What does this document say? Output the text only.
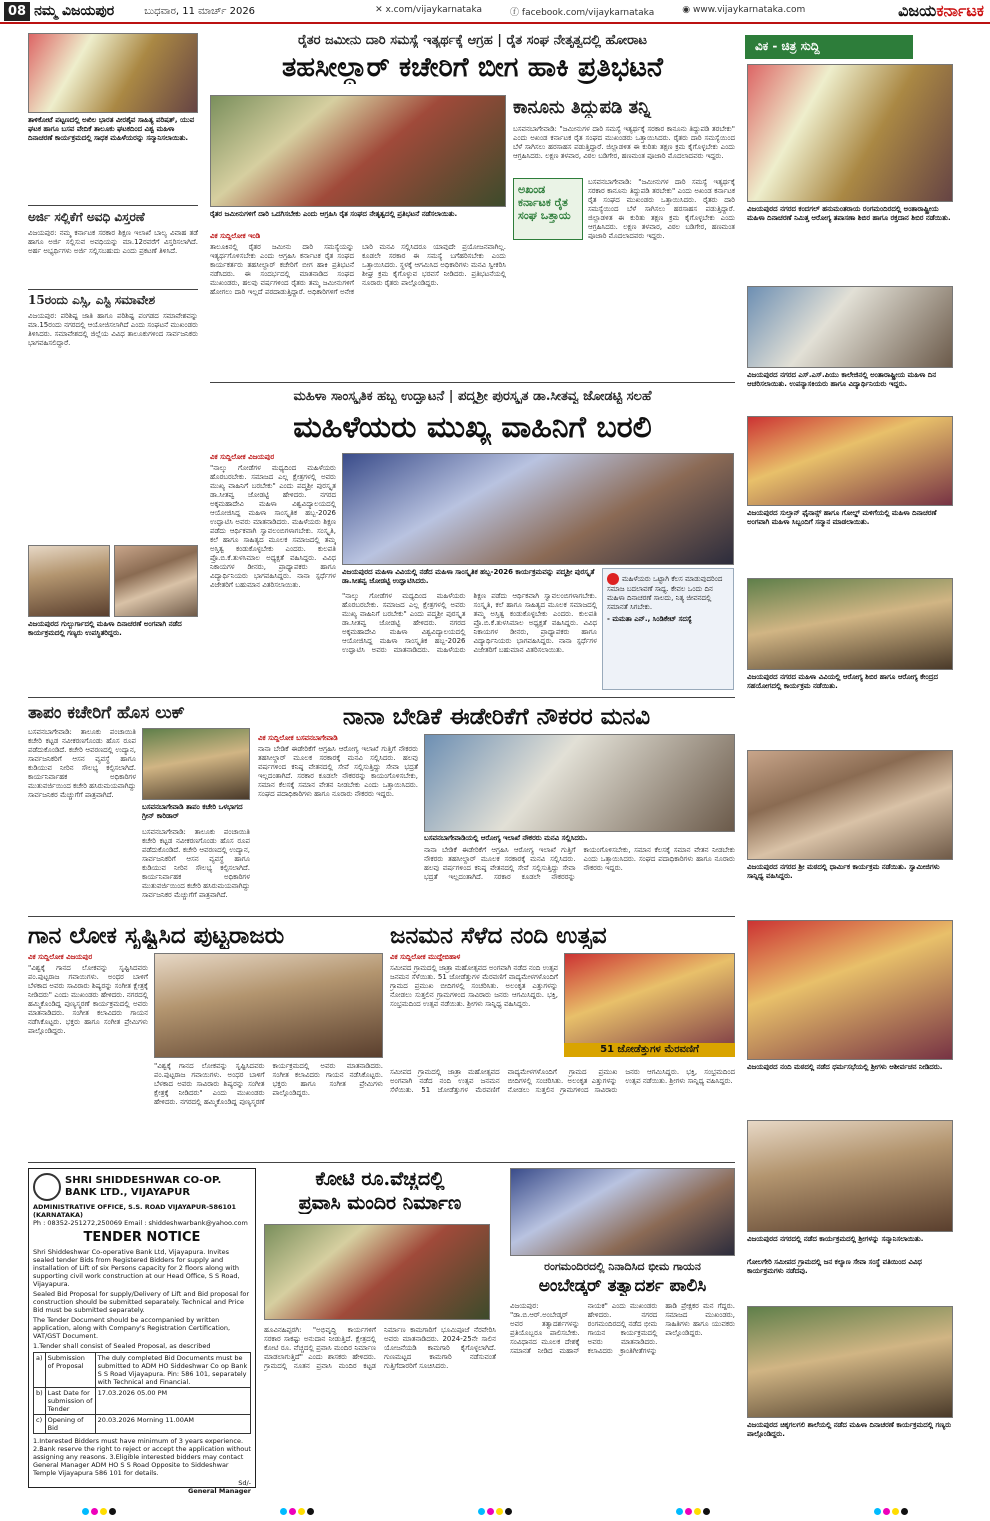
08 ನಮ್ಮ ವಿಜಯಪುರ	ಬುಧವಾರ, 11 ಮಾರ್ಚ್ 2026	✕ x.com/vijaykarnataka	ⓕ facebook.com/vijaykarnataka	◉ www.vijaykarnataka.com	ವಿಜಯಕರ್ನಾಟಕ
ತಾಳಿಕೋಟೆ ಪಟ್ಟಣದಲ್ಲಿ ಅಖಿಲ ಭಾರತ ವೀರಶೈವ ಸಾಹಿತ್ಯ ಪರಿಷತ್, ಯುವ ಘಟಕ ಹಾಗೂ ಬಸವ ವೇದಿಕೆ ತಾಲೂಕು ಘಟಕದಿಂದ ವಿಶ್ವ ಮಹಿಳಾ ದಿನಾಚರಣೆ ಕಾರ್ಯಕ್ರಮದಲ್ಲಿ ಸಾಧಕ ಮಹಿಳೆಯರನ್ನು ಸನ್ಮಾನಿಸಲಾಯಿತು.
ಅರ್ಜಿ ಸಲ್ಲಿಕೆಗೆ ಅವಧಿ ವಿಸ್ತರಣೆ
ವಿಜಯಪುರ: ನಮ್ಮ ಕರ್ನಾಟಕ ಸರಕಾರ ಶಿಕ್ಷಣ ಇಲಾಖೆ ಬಾಲ್ಯ ವಿವಾಹ ತಡೆ ಹಾಗೂ ಅರ್ಜಿ ಸಲ್ಲಿಸುವ ಅವಧಿಯನ್ನು ಮಾ.12ರವರೆಗೆ ವಿಸ್ತರಿಸಲಾಗಿದೆ. ಅರ್ಹ ಅಭ್ಯರ್ಥಿಗಳು ಅರ್ಜಿ ಸಲ್ಲಿಸಬಹುದು ಎಂದು ಪ್ರಕಟಣೆ ತಿಳಿಸಿದೆ.
15ರಂದು ಎಸ್ಸಿ, ಎಸ್ಟಿ ಸಮಾವೇಶ
ವಿಜಯಪುರ: ಪರಿಶಿಷ್ಟ ಜಾತಿ ಹಾಗೂ ಪರಿಶಿಷ್ಟ ಪಂಗಡದ ಸಮಾವೇಶವನ್ನು ಮಾ.15ರಂದು ನಗರದಲ್ಲಿ ಆಯೋಜಿಸಲಾಗಿದೆ ಎಂದು ಸಂಘಟನೆ ಮುಖಂಡರು ತಿಳಿಸಿದರು. ಸಮಾವೇಶದಲ್ಲಿ ಜಿಲ್ಲೆಯ ವಿವಿಧ ತಾಲೂಕುಗಳಿಂದ ಸಾರ್ವಜನಿಕರು ಭಾಗವಹಿಸಲಿದ್ದಾರೆ.
ವಿಜಯಪುರದ ಗುಲ್ಬುರ್ಗಾದಲ್ಲಿ ಮಹಿಳಾ ದಿನಾಚರಣೆ ಅಂಗವಾಗಿ ನಡೆದ ಕಾರ್ಯಕ್ರಮದಲ್ಲಿ ಗಣ್ಯರು ಉಪಸ್ಥಿತರಿದ್ದರು.
ರೈತರ ಜಮೀನು ದಾರಿ ಸಮಸ್ಯೆ ಇತ್ಯರ್ಥಕ್ಕೆ ಆಗ್ರಹ | ರೈತ ಸಂಘ ನೇತೃತ್ವದಲ್ಲಿ ಹೋರಾಟ
ತಹಸೀಲ್ದಾರ್ ಕಚೇರಿಗೆ ಬೀಗ ಹಾಕಿ ಪ್ರತಿಭಟನೆ
ರೈತರ ಜಮೀನುಗಳಿಗೆ ದಾರಿ ಒದಗಿಸಬೇಕು ಎಂದು ಆಗ್ರಹಿಸಿ ರೈತ ಸಂಘದ ನೇತೃತ್ವದಲ್ಲಿ ಪ್ರತಿಭಟನೆ ನಡೆಸಲಾಯಿತು.
ವಿಕ ಸುದ್ದಿಲೋಕ ಇಂಡಿ
ತಾಲೂಕಿನಲ್ಲಿ ರೈತರ ಜಮೀನು ದಾರಿ ಸಮಸ್ಯೆಯನ್ನು ಇತ್ಯರ್ಥಗೊಳಿಸಬೇಕು ಎಂದು ಆಗ್ರಹಿಸಿ ಕರ್ನಾಟಕ ರೈತ ಸಂಘದ ಕಾರ್ಯಕರ್ತರು ತಹಸೀಲ್ದಾರ್ ಕಚೇರಿಗೆ ಬೀಗ ಹಾಕಿ ಪ್ರತಿಭಟನೆ ನಡೆಸಿದರು. ಈ ಸಂದರ್ಭದಲ್ಲಿ ಮಾತನಾಡಿದ ಸಂಘದ ಮುಖಂಡರು, ಹಲವು ವರ್ಷಗಳಿಂದ ರೈತರು ತಮ್ಮ ಜಮೀನುಗಳಿಗೆ ಹೋಗಲು ದಾರಿ ಇಲ್ಲದೆ ಪರದಾಡುತ್ತಿದ್ದಾರೆ. ಅಧಿಕಾರಿಗಳಿಗೆ ಅನೇಕ ಬಾರಿ ಮನವಿ ಸಲ್ಲಿಸಿದರೂ ಯಾವುದೇ ಪ್ರಯೋಜನವಾಗಿಲ್ಲ. ಕೂಡಲೇ ಸರಕಾರ ಈ ಸಮಸ್ಯೆ ಬಗೆಹರಿಸಬೇಕು ಎಂದು ಒತ್ತಾಯಿಸಿದರು. ಸ್ಥಳಕ್ಕೆ ಆಗಮಿಸಿದ ಅಧಿಕಾರಿಗಳು ಮನವಿ ಸ್ವೀಕರಿಸಿ ಶೀಘ್ರ ಕ್ರಮ ಕೈಗೊಳ್ಳುವ ಭರವಸೆ ನೀಡಿದರು. ಪ್ರತಿಭಟನೆಯಲ್ಲಿ ನೂರಾರು ರೈತರು ಪಾಲ್ಗೊಂಡಿದ್ದರು.
ಕಾನೂನು ತಿದ್ದುಪಡಿ ತನ್ನಿ
ಬಸವನಬಾಗೇವಾಡಿ: "ಜಮೀನುಗಳ ದಾರಿ ಸಮಸ್ಯೆ ಇತ್ಯರ್ಥಕ್ಕೆ ಸರಕಾರ ಕಾನೂನು ತಿದ್ದುಪಡಿ ತರಬೇಕು" ಎಂದು ಅಖಂಡ ಕರ್ನಾಟಕ ರೈತ ಸಂಘದ ಮುಖಂಡರು ಒತ್ತಾಯಿಸಿದರು. ರೈತರು ದಾರಿ ಸಮಸ್ಯೆಯಿಂದ ಬೆಳೆ ಸಾಗಿಸಲು ಹರಸಾಹಸ ಪಡುತ್ತಿದ್ದಾರೆ. ಜಿಲ್ಲಾಡಳಿತ ಈ ಕುರಿತು ತಕ್ಷಣ ಕ್ರಮ ಕೈಗೊಳ್ಳಬೇಕು ಎಂದು ಆಗ್ರಹಿಸಿದರು. ಲಕ್ಷಣ ತಳವಾರ, ವಿಠಲ ಬಡಿಗೇರ, ಹಣಮಂತ ಪೂಜಾರಿ ಮೊದಲಾದವರು ಇದ್ದರು.
ಅಖಂಡ ಕರ್ನಾಟಕ ರೈತ ಸಂಘ ಒತ್ತಾಯ
ಬಸವನಬಾಗೇವಾಡಿ: "ಜಮೀನುಗಳ ದಾರಿ ಸಮಸ್ಯೆ ಇತ್ಯರ್ಥಕ್ಕೆ ಸರಕಾರ ಕಾನೂನು ತಿದ್ದುಪಡಿ ತರಬೇಕು" ಎಂದು ಅಖಂಡ ಕರ್ನಾಟಕ ರೈತ ಸಂಘದ ಮುಖಂಡರು ಒತ್ತಾಯಿಸಿದರು. ರೈತರು ದಾರಿ ಸಮಸ್ಯೆಯಿಂದ ಬೆಳೆ ಸಾಗಿಸಲು ಹರಸಾಹಸ ಪಡುತ್ತಿದ್ದಾರೆ. ಜಿಲ್ಲಾಡಳಿತ ಈ ಕುರಿತು ತಕ್ಷಣ ಕ್ರಮ ಕೈಗೊಳ್ಳಬೇಕು ಎಂದು ಆಗ್ರಹಿಸಿದರು. ಲಕ್ಷಣ ತಳವಾರ, ವಿಠಲ ಬಡಿಗೇರ, ಹಣಮಂತ ಪೂಜಾರಿ ಮೊದಲಾದವರು ಇದ್ದರು.
ಮಹಿಳಾ ಸಾಂಸ್ಕೃತಿಕ ಹಬ್ಬ ಉದ್ಘಾಟನೆ | ಪದ್ಮಶ್ರೀ ಪುರಸ್ಕೃತ ಡಾ.ಸೀತವ್ವ ಜೋಡಟ್ಟಿ ಸಲಹೆ
ಮಹಿಳೆಯರು ಮುಖ್ಯ ವಾಹಿನಿಗೆ ಬರಲಿ
ವಿಕ ಸುದ್ದಿಲೋಕ ವಿಜಯಪುರ
"ನಾಲ್ಕು ಗೋಡೆಗಳ ಮಧ್ಯದಿಂದ ಮಹಿಳೆಯರು ಹೊರಬರಬೇಕು. ಸಮಾಜದ ಎಲ್ಲ ಕ್ಷೇತ್ರಗಳಲ್ಲಿ ಅವರು ಮುಖ್ಯ ವಾಹಿನಿಗೆ ಬರಬೇಕು" ಎಂದು ಪದ್ಮಶ್ರೀ ಪುರಸ್ಕೃತ ಡಾ.ಸೀತವ್ವ ಜೋಡಟ್ಟಿ ಹೇಳಿದರು. ನಗರದ ಅಕ್ಕಮಹಾದೇವಿ ಮಹಿಳಾ ವಿಶ್ವವಿದ್ಯಾಲಯದಲ್ಲಿ ಆಯೋಜಿಸಿದ್ದ ಮಹಿಳಾ ಸಾಂಸ್ಕೃತಿಕ ಹಬ್ಬ-2026 ಉದ್ಘಾಟಿಸಿ ಅವರು ಮಾತನಾಡಿದರು. ಮಹಿಳೆಯರು ಶಿಕ್ಷಣ ಪಡೆದು ಆರ್ಥಿಕವಾಗಿ ಸ್ವಾವಲಂಬಿಗಳಾಗಬೇಕು. ಸಂಸ್ಕೃತಿ, ಕಲೆ ಹಾಗೂ ಸಾಹಿತ್ಯದ ಮೂಲಕ ಸಮಾಜದಲ್ಲಿ ತಮ್ಮ ಅಸ್ತಿತ್ವ ಕಂಡುಕೊಳ್ಳಬೇಕು ಎಂದರು. ಕುಲಪತಿ ಪ್ರೊ.ಬಿ.ಕೆ.ತುಳಸಿಮಾಲ ಅಧ್ಯಕ್ಷತೆ ವಹಿಸಿದ್ದರು. ವಿವಿಧ ನಿಕಾಯಗಳ ಡೀನರು, ಪ್ರಾಧ್ಯಾಪಕರು ಹಾಗೂ ವಿದ್ಯಾರ್ಥಿನಿಯರು ಭಾಗವಹಿಸಿದ್ದರು. ನಾನಾ ಸ್ಪರ್ಧೆಗಳ ವಿಜೇತರಿಗೆ ಬಹುಮಾನ ವಿತರಿಸಲಾಯಿತು.
ವಿಜಯಪುರದ ಮಹಿಳಾ ವಿವಿಯಲ್ಲಿ ನಡೆದ ಮಹಿಳಾ ಸಾಂಸ್ಕೃತಿಕ ಹಬ್ಬ-2026 ಕಾರ್ಯಕ್ರಮವನ್ನು ಪದ್ಮಶ್ರೀ ಪುರಸ್ಕೃತೆ ಡಾ.ಸೀತವ್ವ ಜೋಡಟ್ಟಿ ಉದ್ಘಾಟಿಸಿದರು.
"ನಾಲ್ಕು ಗೋಡೆಗಳ ಮಧ್ಯದಿಂದ ಮಹಿಳೆಯರು ಹೊರಬರಬೇಕು. ಸಮಾಜದ ಎಲ್ಲ ಕ್ಷೇತ್ರಗಳಲ್ಲಿ ಅವರು ಮುಖ್ಯ ವಾಹಿನಿಗೆ ಬರಬೇಕು" ಎಂದು ಪದ್ಮಶ್ರೀ ಪುರಸ್ಕೃತ ಡಾ.ಸೀತವ್ವ ಜೋಡಟ್ಟಿ ಹೇಳಿದರು. ನಗರದ ಅಕ್ಕಮಹಾದೇವಿ ಮಹಿಳಾ ವಿಶ್ವವಿದ್ಯಾಲಯದಲ್ಲಿ ಆಯೋಜಿಸಿದ್ದ ಮಹಿಳಾ ಸಾಂಸ್ಕೃತಿಕ ಹಬ್ಬ-2026 ಉದ್ಘಾಟಿಸಿ ಅವರು ಮಾತನಾಡಿದರು. ಮಹಿಳೆಯರು ಶಿಕ್ಷಣ ಪಡೆದು ಆರ್ಥಿಕವಾಗಿ ಸ್ವಾವಲಂಬಿಗಳಾಗಬೇಕು. ಸಂಸ್ಕೃತಿ, ಕಲೆ ಹಾಗೂ ಸಾಹಿತ್ಯದ ಮೂಲಕ ಸಮಾಜದಲ್ಲಿ ತಮ್ಮ ಅಸ್ತಿತ್ವ ಕಂಡುಕೊಳ್ಳಬೇಕು ಎಂದರು. ಕುಲಪತಿ ಪ್ರೊ.ಬಿ.ಕೆ.ತುಳಸಿಮಾಲ ಅಧ್ಯಕ್ಷತೆ ವಹಿಸಿದ್ದರು. ವಿವಿಧ ನಿಕಾಯಗಳ ಡೀನರು, ಪ್ರಾಧ್ಯಾಪಕರು ಹಾಗೂ ವಿದ್ಯಾರ್ಥಿನಿಯರು ಭಾಗವಹಿಸಿದ್ದರು. ನಾನಾ ಸ್ಪರ್ಧೆಗಳ ವಿಜೇತರಿಗೆ ಬಹುಮಾನ ವಿತರಿಸಲಾಯಿತು.
ಮಹಿಳೆಯರು ಒಟ್ಟಾಗಿ ಕೆಲಸ ಮಾಡುವುದರಿಂದ ಸಮಾಜ ಬದಲಾವಣೆ ಸಾಧ್ಯ. ಕೇವಲ ಒಂದು ದಿನ ಮಹಿಳಾ ದಿನಾಚರಣೆ ಸಾಲದು, ನಿತ್ಯ ಜೀವನದಲ್ಲಿ ಸಮಾನತೆ ಸಿಗಬೇಕು.
- ಮಮತಾ ಎನ್., ಸಿಂಡಿಕೇಟ್ ಸದಸ್ಯೆ
ತಾಪಂ ಕಚೇರಿಗೆ ಹೊಸ ಲುಕ್
ಬಸವನಬಾಗೇವಾಡಿ: ತಾಲೂಕು ಪಂಚಾಯಿತಿ ಕಚೇರಿ ಕಟ್ಟಡ ನವೀಕರಣಗೊಂಡು ಹೊಸ ರೂಪ ಪಡೆದುಕೊಂಡಿದೆ. ಕಚೇರಿ ಆವರಣದಲ್ಲಿ ಉದ್ಯಾನ, ಸಾರ್ವಜನಿಕರಿಗೆ ಆಸನ ವ್ಯವಸ್ಥೆ ಹಾಗೂ ಕುಡಿಯುವ ನೀರಿನ ಸೌಲಭ್ಯ ಕಲ್ಪಿಸಲಾಗಿದೆ. ಕಾರ್ಯನಿರ್ವಾಹಕ ಅಧಿಕಾರಿಗಳ ಮುತುವರ್ಜಿಯಿಂದ ಕಚೇರಿ ಹಸಿರುಮಯವಾಗಿದ್ದು ಸಾರ್ವಜನಿಕರ ಮೆಚ್ಚುಗೆಗೆ ಪಾತ್ರವಾಗಿದೆ.
ಬಸವನಬಾಗೇವಾಡಿ ತಾಪಂ ಕಚೇರಿ ಒಳಭಾಗದ ಗ್ರೀನ್ ಕಾರಿಡಾರ್
ಬಸವನಬಾಗೇವಾಡಿ: ತಾಲೂಕು ಪಂಚಾಯಿತಿ ಕಚೇರಿ ಕಟ್ಟಡ ನವೀಕರಣಗೊಂಡು ಹೊಸ ರೂಪ ಪಡೆದುಕೊಂಡಿದೆ. ಕಚೇರಿ ಆವರಣದಲ್ಲಿ ಉದ್ಯಾನ, ಸಾರ್ವಜನಿಕರಿಗೆ ಆಸನ ವ್ಯವಸ್ಥೆ ಹಾಗೂ ಕುಡಿಯುವ ನೀರಿನ ಸೌಲಭ್ಯ ಕಲ್ಪಿಸಲಾಗಿದೆ. ಕಾರ್ಯನಿರ್ವಾಹಕ ಅಧಿಕಾರಿಗಳ ಮುತುವರ್ಜಿಯಿಂದ ಕಚೇರಿ ಹಸಿರುಮಯವಾಗಿದ್ದು ಸಾರ್ವಜನಿಕರ ಮೆಚ್ಚುಗೆಗೆ ಪಾತ್ರವಾಗಿದೆ.
ನಾನಾ ಬೇಡಿಕೆ ಈಡೇರಿಕೆಗೆ ನೌಕರರ ಮನವಿ
ವಿಕ ಸುದ್ದಿಲೋಕ ಬಸವನಬಾಗೇವಾಡಿ
ನಾನಾ ಬೇಡಿಕೆ ಈಡೇರಿಕೆಗೆ ಆಗ್ರಹಿಸಿ ಆರೋಗ್ಯ ಇಲಾಖೆ ಗುತ್ತಿಗೆ ನೌಕರರು ತಹಸೀಲ್ದಾರ್ ಮೂಲಕ ಸರಕಾರಕ್ಕೆ ಮನವಿ ಸಲ್ಲಿಸಿದರು. ಹಲವು ವರ್ಷಗಳಿಂದ ಕನಿಷ್ಠ ವೇತನದಲ್ಲಿ ಸೇವೆ ಸಲ್ಲಿಸುತ್ತಿದ್ದು ಸೇವಾ ಭದ್ರತೆ ಇಲ್ಲದಂತಾಗಿದೆ. ಸರಕಾರ ಕೂಡಲೇ ನೌಕರರನ್ನು ಕಾಯಂಗೊಳಿಸಬೇಕು, ಸಮಾನ ಕೆಲಸಕ್ಕೆ ಸಮಾನ ವೇತನ ನೀಡಬೇಕು ಎಂದು ಒತ್ತಾಯಿಸಿದರು. ಸಂಘದ ಪದಾಧಿಕಾರಿಗಳು ಹಾಗೂ ನೂರಾರು ನೌಕರರು ಇದ್ದರು.
ಬಸವನಬಾಗೇವಾಡಿಯಲ್ಲಿ ಆರೋಗ್ಯ ಇಲಾಖೆ ನೌಕರರು ಮನವಿ ಸಲ್ಲಿಸಿದರು.
ನಾನಾ ಬೇಡಿಕೆ ಈಡೇರಿಕೆಗೆ ಆಗ್ರಹಿಸಿ ಆರೋಗ್ಯ ಇಲಾಖೆ ಗುತ್ತಿಗೆ ನೌಕರರು ತಹಸೀಲ್ದಾರ್ ಮೂಲಕ ಸರಕಾರಕ್ಕೆ ಮನವಿ ಸಲ್ಲಿಸಿದರು. ಹಲವು ವರ್ಷಗಳಿಂದ ಕನಿಷ್ಠ ವೇತನದಲ್ಲಿ ಸೇವೆ ಸಲ್ಲಿಸುತ್ತಿದ್ದು ಸೇವಾ ಭದ್ರತೆ ಇಲ್ಲದಂತಾಗಿದೆ. ಸರಕಾರ ಕೂಡಲೇ ನೌಕರರನ್ನು ಕಾಯಂಗೊಳಿಸಬೇಕು, ಸಮಾನ ಕೆಲಸಕ್ಕೆ ಸಮಾನ ವೇತನ ನೀಡಬೇಕು ಎಂದು ಒತ್ತಾಯಿಸಿದರು. ಸಂಘದ ಪದಾಧಿಕಾರಿಗಳು ಹಾಗೂ ನೂರಾರು ನೌಕರರು ಇದ್ದರು.
ಗಾನ ಲೋಕ ಸೃಷ್ಟಿಸಿದ ಪುಟ್ಟರಾಜರು
ವಿಕ ಸುದ್ದಿಲೋಕ ವಿಜಯಪುರ
"ವಿಶ್ವಕ್ಕೆ ಗಾನದ ಲೋಕವನ್ನು ಸೃಷ್ಟಿಸಿದವರು ಪಂ.ಪುಟ್ಟರಾಜ ಗವಾಯಿಗಳು. ಅಂಧರ ಬಾಳಿಗೆ ಬೆಳಕಾದ ಅವರು ಸಾವಿರಾರು ಶಿಷ್ಯರನ್ನು ಸಂಗೀತ ಕ್ಷೇತ್ರಕ್ಕೆ ನೀಡಿದರು" ಎಂದು ಮುಖಂಡರು ಹೇಳಿದರು. ನಗರದಲ್ಲಿ ಹಮ್ಮಿಕೊಂಡಿದ್ದ ಪುಣ್ಯಸ್ಮರಣೆ ಕಾರ್ಯಕ್ರಮದಲ್ಲಿ ಅವರು ಮಾತನಾಡಿದರು. ಸಂಗೀತ ಕಲಾವಿದರು ಗಾಯನ ನಡೆಸಿಕೊಟ್ಟರು. ಭಕ್ತರು ಹಾಗೂ ಸಂಗೀತ ಪ್ರೇಮಿಗಳು ಪಾಲ್ಗೊಂಡಿದ್ದರು.
"ವಿಶ್ವಕ್ಕೆ ಗಾನದ ಲೋಕವನ್ನು ಸೃಷ್ಟಿಸಿದವರು ಪಂ.ಪುಟ್ಟರಾಜ ಗವಾಯಿಗಳು. ಅಂಧರ ಬಾಳಿಗೆ ಬೆಳಕಾದ ಅವರು ಸಾವಿರಾರು ಶಿಷ್ಯರನ್ನು ಸಂಗೀತ ಕ್ಷೇತ್ರಕ್ಕೆ ನೀಡಿದರು" ಎಂದು ಮುಖಂಡರು ಹೇಳಿದರು. ನಗರದಲ್ಲಿ ಹಮ್ಮಿಕೊಂಡಿದ್ದ ಪುಣ್ಯಸ್ಮರಣೆ ಕಾರ್ಯಕ್ರಮದಲ್ಲಿ ಅವರು ಮಾತನಾಡಿದರು. ಸಂಗೀತ ಕಲಾವಿದರು ಗಾಯನ ನಡೆಸಿಕೊಟ್ಟರು. ಭಕ್ತರು ಹಾಗೂ ಸಂಗೀತ ಪ್ರೇಮಿಗಳು ಪಾಲ್ಗೊಂಡಿದ್ದರು.
ಜನಮನ ಸೆಳೆದ ನಂದಿ ಉತ್ಸವ
ವಿಕ ಸುದ್ದಿಲೋಕ ಮುದ್ದೇಬಿಹಾಳ
ಸಮೀಪದ ಗ್ರಾಮದಲ್ಲಿ ಜಾತ್ರಾ ಮಹೋತ್ಸವದ ಅಂಗವಾಗಿ ನಡೆದ ನಂದಿ ಉತ್ಸವ ಜನಮನ ಸೆಳೆಯಿತು. 51 ಜೋಡೆತ್ತುಗಳ ಮೆರವಣಿಗೆ ವಾದ್ಯಮೇಳಗಳೊಂದಿಗೆ ಗ್ರಾಮದ ಪ್ರಮುಖ ಬೀದಿಗಳಲ್ಲಿ ಸಂಚರಿಸಿತು. ಅಲಂಕೃತ ಎತ್ತುಗಳನ್ನು ನೋಡಲು ಸುತ್ತಲಿನ ಗ್ರಾಮಗಳಿಂದ ಸಾವಿರಾರು ಜನರು ಆಗಮಿಸಿದ್ದರು. ಭಕ್ತಿ, ಸಂಭ್ರಮದಿಂದ ಉತ್ಸವ ನಡೆಯಿತು. ಶ್ರೀಗಳು ಸಾನ್ನಿಧ್ಯ ವಹಿಸಿದ್ದರು.
51 ಜೋಡೆತ್ತುಗಳ ಮೆರವಣಿಗೆ
ಸಮೀಪದ ಗ್ರಾಮದಲ್ಲಿ ಜಾತ್ರಾ ಮಹೋತ್ಸವದ ಅಂಗವಾಗಿ ನಡೆದ ನಂದಿ ಉತ್ಸವ ಜನಮನ ಸೆಳೆಯಿತು. 51 ಜೋಡೆತ್ತುಗಳ ಮೆರವಣಿಗೆ ವಾದ್ಯಮೇಳಗಳೊಂದಿಗೆ ಗ್ರಾಮದ ಪ್ರಮುಖ ಬೀದಿಗಳಲ್ಲಿ ಸಂಚರಿಸಿತು. ಅಲಂಕೃತ ಎತ್ತುಗಳನ್ನು ನೋಡಲು ಸುತ್ತಲಿನ ಗ್ರಾಮಗಳಿಂದ ಸಾವಿರಾರು ಜನರು ಆಗಮಿಸಿದ್ದರು. ಭಕ್ತಿ, ಸಂಭ್ರಮದಿಂದ ಉತ್ಸವ ನಡೆಯಿತು. ಶ್ರೀಗಳು ಸಾನ್ನಿಧ್ಯ ವಹಿಸಿದ್ದರು.
SHRI SHIDDESHWAR CO-OP. BANK LTD., VIJAYAPUR
ADMINISTRATIVE OFFICE, S.S. ROAD VIJAYAPUR-586101 (KARNATAKA)
Ph : 08352-251272,250069 Email : shiddeshwarbank@yahoo.com
TENDER NOTICE
Shri Shiddeshwar Co-operative Bank Ltd, Vijayapura. Invites sealed tender Bids from Registered Bidders for supply and installation of Lift of six Persons capacity for 2 floors along with supporting civil work construction at our Head Office, S S Road, Vijayapura.
Sealed Bid Proposal for supply/Delivery of Lift and Bid proposal for construction should be submitted separately. Technical and Price Bid must be submitted separately.
The Tender Document should be accompanied by written application, along with Company's Registration Certification, VAT/GST Document.
1.Tender shall consist of Sealed Proposal, as described
a)	Submission of Proposal	The duly completed Bid Documents must be submitted to ADM HO Siddeshwar Co op Bank S S Road Vijayapura. Pin: 586 101, separately with Technical and Financial.
b)	Last Date for submission of Tender	17.03.2026 05.00 PM
c)	Opening of Bid	20.03.2026 Morning 11.00AM
1.Interested Bidders must have minimum of 3 years experience. 2.Bank reserve the right to reject or accept the application without assigning any reasons. 3.Eligible interested bidders may contact General Manager ADM HO S S Road Opposite to Siddeshwar Temple Vijayapura 586 101 for details.
Sd/-
General Manager
ಕೋಟಿ ರೂ.ವೆಚ್ಚದಲ್ಲಿ
ಪ್ರವಾಸಿ ಮಂದಿರ ನಿರ್ಮಾಣ
ಹೂವಿನಹಿಪ್ಪರಗಿ: "ಅಭಿವೃದ್ಧಿ ಕಾರ್ಯಗಳಿಗೆ ಸರಕಾರ ಸಾಕಷ್ಟು ಅನುದಾನ ನೀಡುತ್ತಿದೆ. ಕ್ಷೇತ್ರದಲ್ಲಿ ಕೋಟಿ ರೂ. ವೆಚ್ಚದಲ್ಲಿ ಪ್ರವಾಸಿ ಮಂದಿರ ನಿರ್ಮಾಣ ಮಾಡಲಾಗುತ್ತಿದೆ" ಎಂದು ಶಾಸಕರು ಹೇಳಿದರು. ಗ್ರಾಮದಲ್ಲಿ ನೂತನ ಪ್ರವಾಸಿ ಮಂದಿರ ಕಟ್ಟಡ ನಿರ್ಮಾಣ ಕಾಮಗಾರಿಗೆ ಭೂಮಿಪೂಜೆ ನೆರವೇರಿಸಿ ಅವರು ಮಾತನಾಡಿದರು. 2024-25ನೇ ಸಾಲಿನ ಯೋಜನೆಯಡಿ ಕಾಮಗಾರಿ ಕೈಗೊಳ್ಳಲಾಗಿದೆ. ಗುಣಮಟ್ಟದ ಕಾಮಗಾರಿ ನಡೆಸುವಂತೆ ಗುತ್ತಿಗೆದಾರರಿಗೆ ಸೂಚಿಸಿದರು.
ರಂಗಮಂದಿರದಲ್ಲಿ ನಿನಾದಿಸಿದ ಭೀಮ ಗಾಯನ
ಅಂಬೇಡ್ಕರ್ ತತ್ವಾದರ್ಶ ಪಾಲಿಸಿ
ವಿಜಯಪುರ: "ಡಾ.ಬಿ.ಆರ್.ಅಂಬೇಡ್ಕರ್ ಅವರ ತತ್ವಾದರ್ಶಗಳನ್ನು ಪ್ರತಿಯೊಬ್ಬರೂ ಪಾಲಿಸಬೇಕು. ಸಂವಿಧಾನದ ಮೂಲಕ ದೇಶಕ್ಕೆ ಸಮಾನತೆ ನೀಡಿದ ಮಹಾನ್ ನಾಯಕ" ಎಂದು ಮುಖಂಡರು ಹೇಳಿದರು. ನಗರದ ರಂಗಮಂದಿರದಲ್ಲಿ ನಡೆದ ಭೀಮ ಗಾಯನ ಕಾರ್ಯಕ್ರಮದಲ್ಲಿ ಅವರು ಮಾತನಾಡಿದರು. ಕಲಾವಿದರು ಕ್ರಾಂತಿಗೀತೆಗಳನ್ನು ಹಾಡಿ ಪ್ರೇಕ್ಷಕರ ಮನ ಗೆದ್ದರು. ಸಮಾಜದ ಮುಖಂಡರು, ಸಾಹಿತಿಗಳು ಹಾಗೂ ಯುವಕರು ಪಾಲ್ಗೊಂಡಿದ್ದರು.
ವಿಕ - ಚಿತ್ರ ಸುದ್ದಿ
ವಿಜಯಪುರದ ನಗರದ ಕಂದಗಲ್ ಹನುಮಂತರಾಯ ರಂಗಮಂದಿರದಲ್ಲಿ ಅಂತಾರಾಷ್ಟ್ರೀಯ ಮಹಿಳಾ ದಿನಾಚರಣೆ ನಿಮಿತ್ತ ಆರೋಗ್ಯ ತಪಾಸಣಾ ಶಿಬಿರ ಹಾಗೂ ರಕ್ತದಾನ ಶಿಬಿರ ನಡೆಯಿತು.
ವಿಜಯಪುರದ ನಗರದ ಎಸ್.ಎಸ್.ಪಿಯು ಕಾಲೇಜಿನಲ್ಲಿ ಅಂತಾರಾಷ್ಟ್ರೀಯ ಮಹಿಳಾ ದಿನ ಆಚರಿಸಲಾಯಿತು. ಉಪನ್ಯಾಸಕಿಯರು ಹಾಗೂ ವಿದ್ಯಾರ್ಥಿನಿಯರು ಇದ್ದರು.
ವಿಜಯಪುರದ ಸುಲ್ತಾನ್ ಫೈನಾನ್ಸ್ ಹಾಗೂ ಗೋಲ್ಡ್ ಮಳಿಗೆಯಲ್ಲಿ ಮಹಿಳಾ ದಿನಾಚರಣೆ ಅಂಗವಾಗಿ ಮಹಿಳಾ ಸಿಬ್ಬಂದಿಗೆ ಸನ್ಮಾನ ಮಾಡಲಾಯಿತು.
ವಿಜಯಪುರದ ನಗರದ ಮಹಿಳಾ ವಿವಿಯಲ್ಲಿ ಆರೋಗ್ಯ ಶಿಬಿರ ಹಾಗೂ ಆರೋಗ್ಯ ಕೇಂದ್ರದ ಸಹಯೋಗದಲ್ಲಿ ಕಾರ್ಯಕ್ರಮ ನಡೆಯಿತು.
ವಿಜಯಪುರದ ನಗರದ ಶ್ರೀ ಮಠದಲ್ಲಿ ಧಾರ್ಮಿಕ ಕಾರ್ಯಕ್ರಮ ನಡೆಯಿತು. ಸ್ವಾಮೀಜಿಗಳು ಸಾನ್ನಿಧ್ಯ ವಹಿಸಿದ್ದರು.
ವಿಜಯಪುರದ ನಂದಿ ಮಠದಲ್ಲಿ ನಡೆದ ಧರ್ಮಸಭೆಯಲ್ಲಿ ಶ್ರೀಗಳು ಆಶೀರ್ವಚನ ನೀಡಿದರು.
ವಿಜಯಪುರದ ನಗರದಲ್ಲಿ ನಡೆದ ಕಾರ್ಯಕ್ರಮದಲ್ಲಿ ಶ್ರೀಗಳನ್ನು ಸನ್ಮಾನಿಸಲಾಯಿತು.
ಗೋಲಗೇರಿ ಸಮೀಪದ ಗ್ರಾಮದಲ್ಲಿ ಜನ ಕಲ್ಯಾಣ ಸೇವಾ ಸಂಸ್ಥೆ ವತಿಯಿಂದ ವಿವಿಧ ಕಾರ್ಯಕ್ರಮಗಳು ನಡೆದವು.
ವಿಜಯಪುರದ ಚಿಕ್ಕಗಲಗಲಿ ಶಾಲೆಯಲ್ಲಿ ನಡೆದ ಮಹಿಳಾ ದಿನಾಚರಣೆ ಕಾರ್ಯಕ್ರಮದಲ್ಲಿ ಗಣ್ಯರು ಪಾಲ್ಗೊಂಡಿದ್ದರು.
